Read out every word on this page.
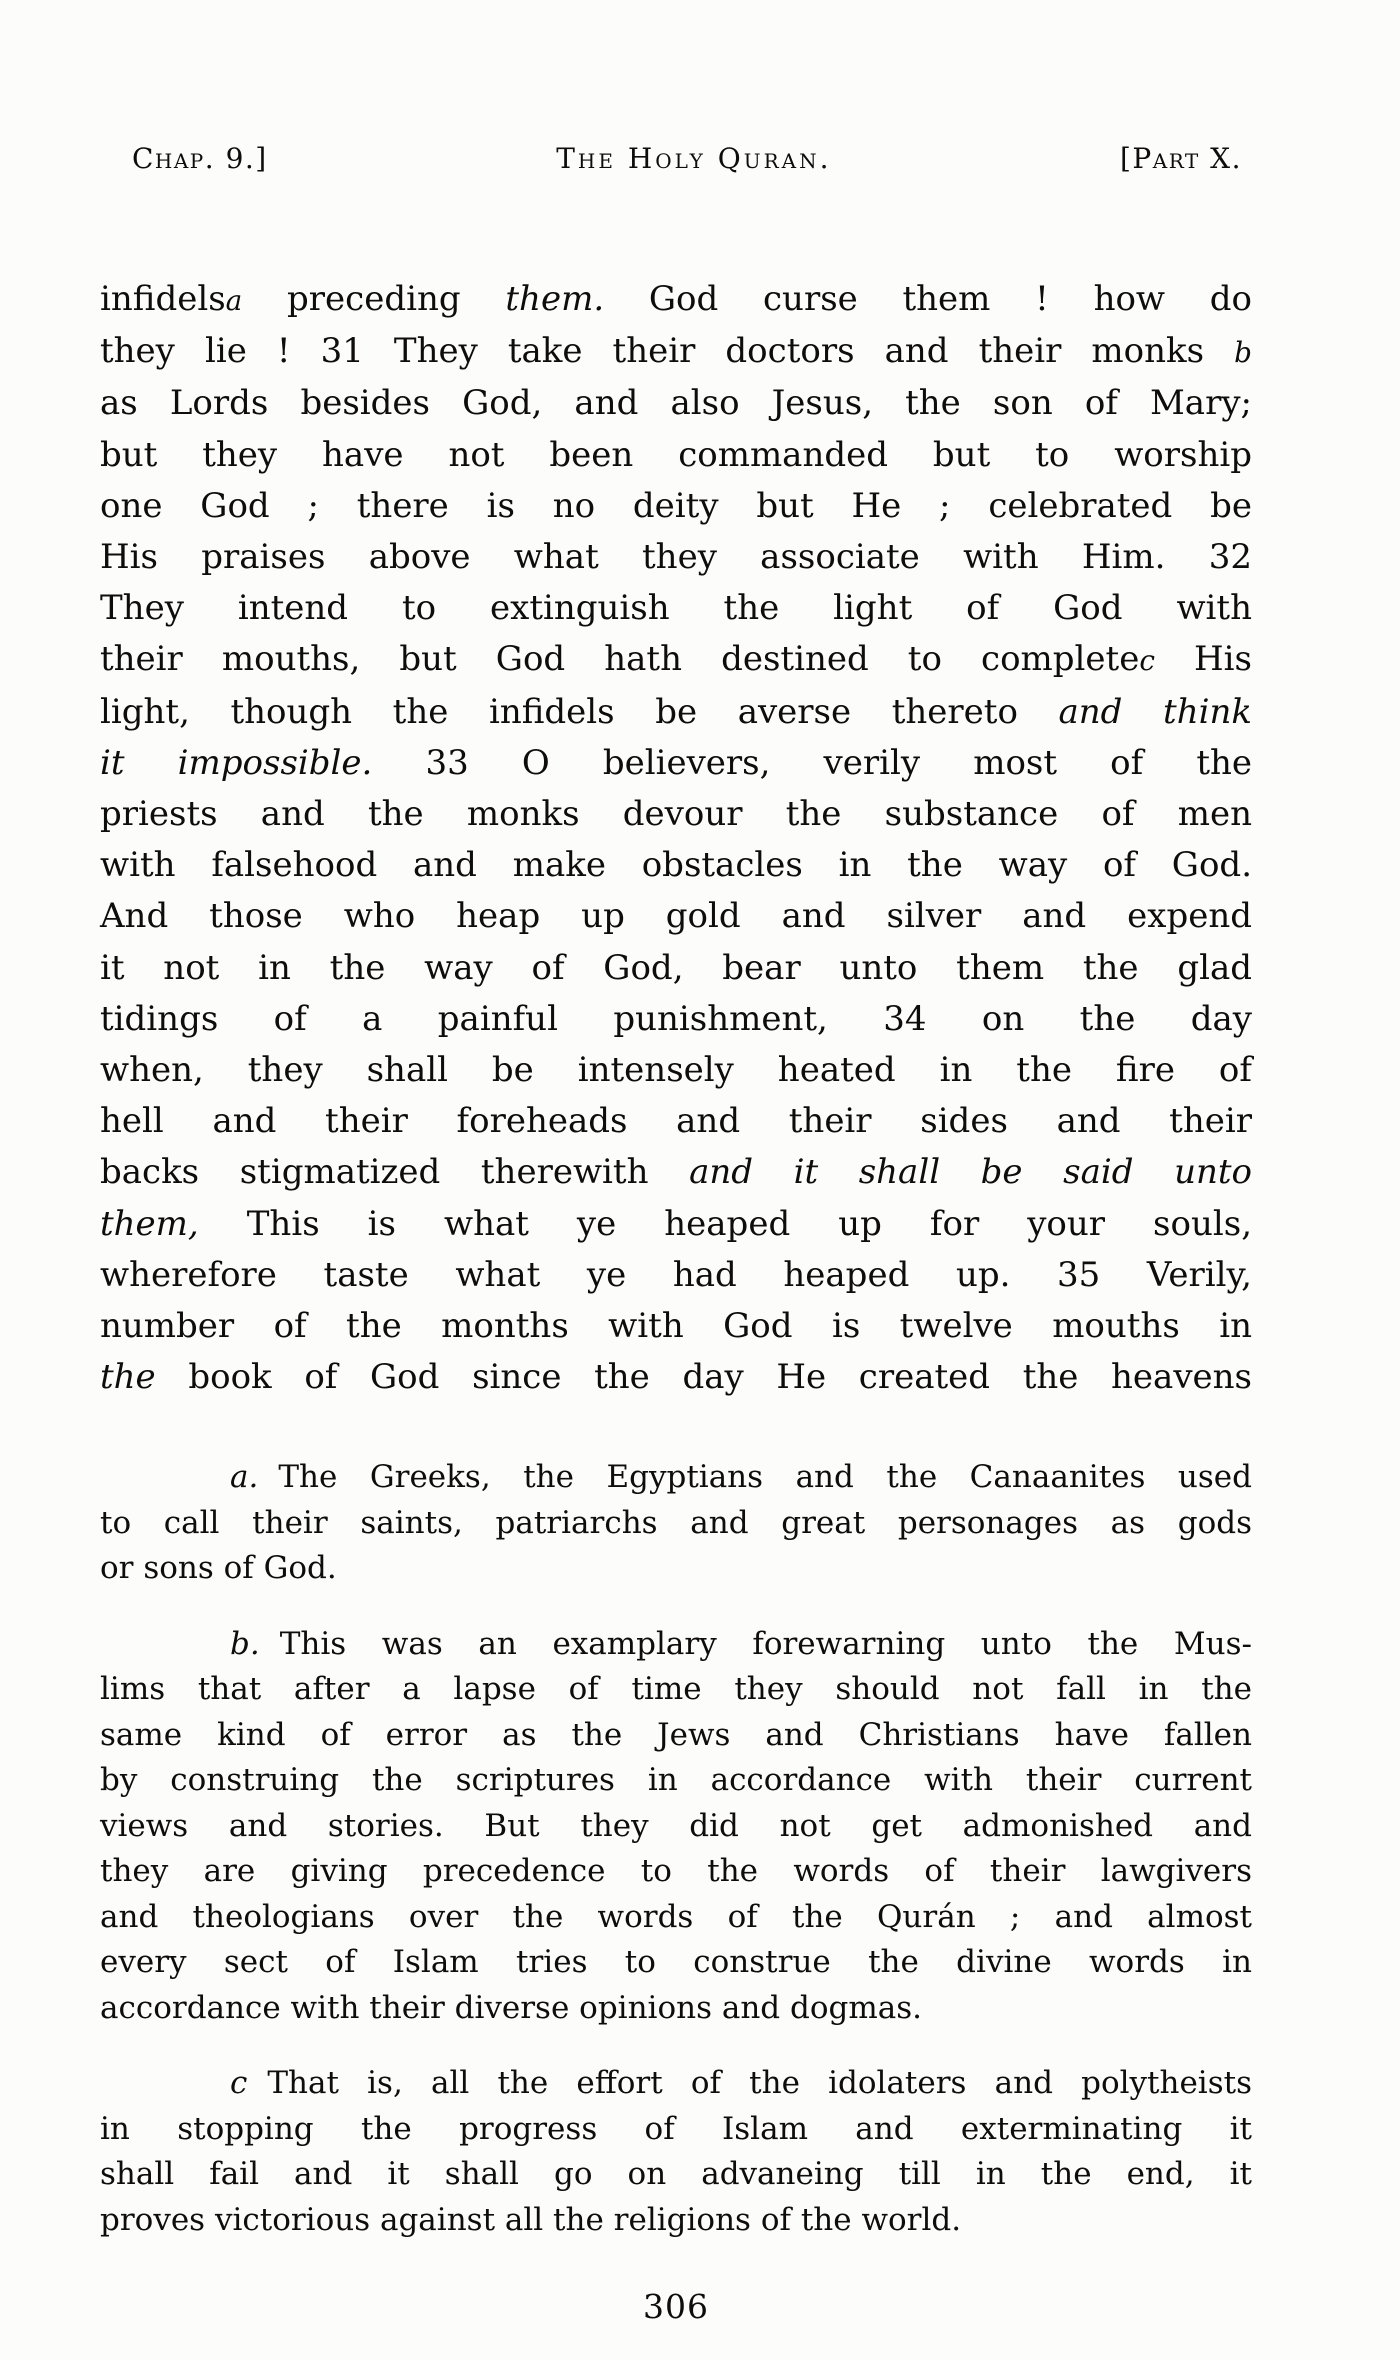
Chap. 9.]	The Holy Quran.	[Part X.
infidelsa preceding them. God curse them ! how do
they lie ! 31 They take their doctors and their monks b
as Lords besides God, and also Jesus, the son of Mary;
but they have not been commanded but to worship
one God ; there is no deity but He ; celebrated be
His praises above what they associate with Him. 32
They intend to extinguish the light of God with
their mouths, but God hath destined to completec His
light, though the infidels be averse thereto and think
it impossible. 33 O believers, verily most of the
priests and the monks devour the substance of men
with falsehood and make obstacles in the way of God.
And those who heap up gold and silver and expend
it not in the way of God, bear unto them the glad
tidings of a painful punishment, 34 on the day
when, they shall be intensely heated in the fire of
hell and their foreheads and their sides and their
backs stigmatized therewith and it shall be said unto
them, This is what ye heaped up for your souls,
wherefore taste what ye had heaped up. 35 Verily,
number of the months with God is twelve mouths in
the book of God since the day He created the heavens
a. The Greeks, the Egyptians and the Canaanites used
to call their saints, patriarchs and great personages as gods
or sons of God.
b. This was an examplary forewarning unto the Mus-
lims that after a lapse of time they should not fall in the
same kind of error as the Jews and Christians have fallen
by construing the scriptures in accordance with their current
views and stories. But they did not get admonished and
they are giving precedence to the words of their lawgivers
and theologians over the words of the Qurán ; and almost
every sect of Islam tries to construe the divine words in
accordance with their diverse opinions and dogmas.
c That is, all the effort of the idolaters and polytheists
in stopping the progress of Islam and exterminating it
shall fail and it shall go on advaneing till in the end, it
proves victorious against all the religions of the world.
306
